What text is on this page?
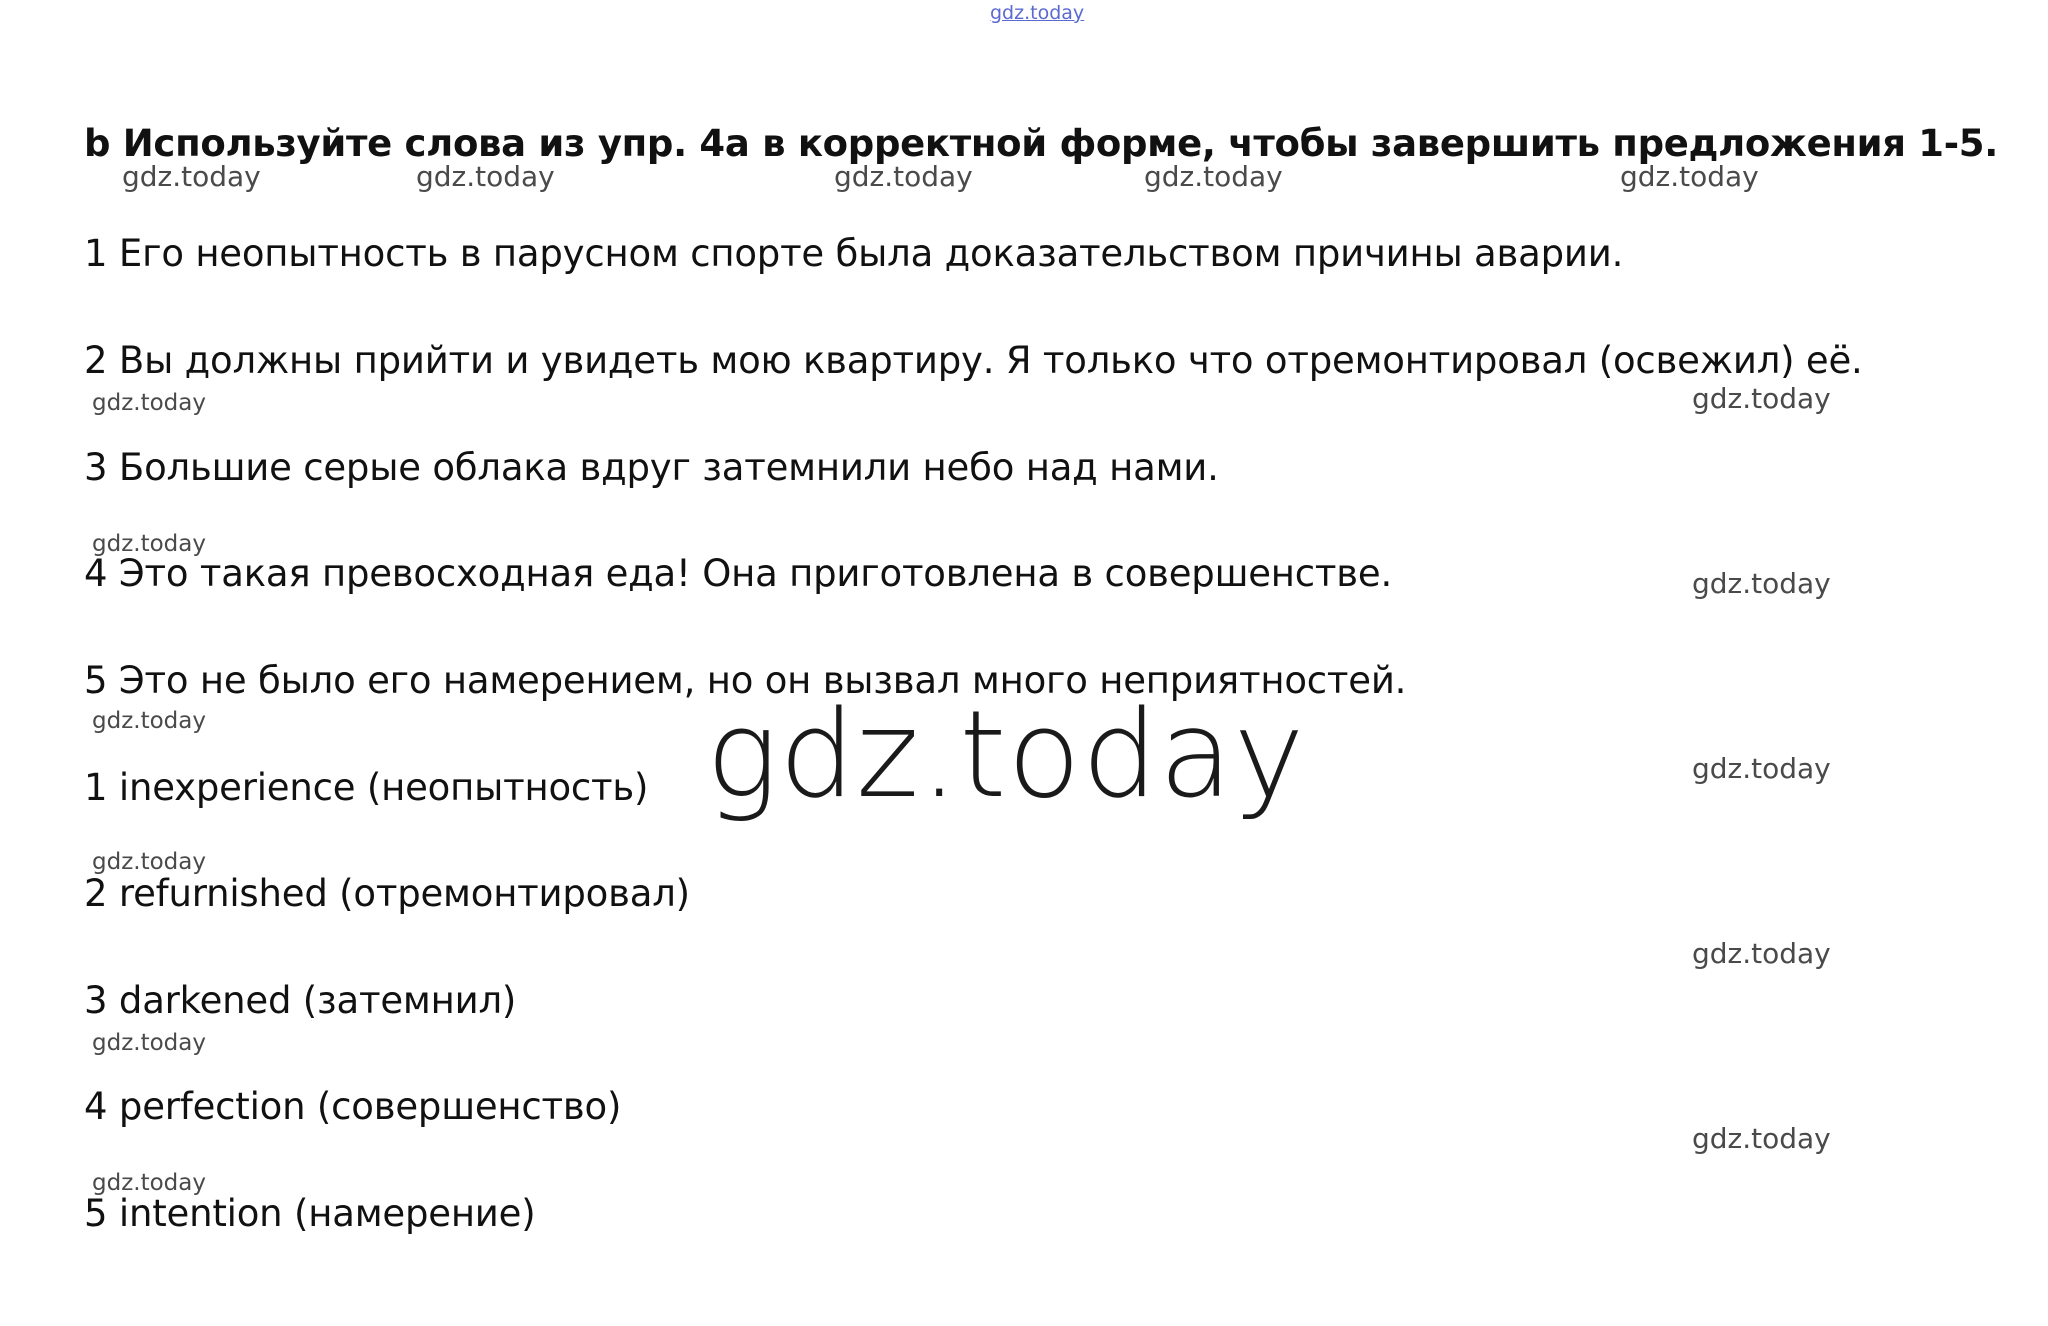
gdz.today
b Используйте слова из упр. 4a в корректной форме, чтобы завершить предложения 1-5.
1 Его неопытность в парусном спорте была доказательством причины аварии.
2 Вы должны прийти и увидеть мою квартиру. Я только что отремонтировал (освежил) её.
3 Большие серые облака вдруг затемнили небо над нами.
4 Это такая превосходная еда! Она приготовлена в совершенстве.
5 Это не было его намерением, но он вызвал много неприятностей.
1 inexperience (неопытность)
2 refurnished (отремонтировал)
3 darkened (затемнил)
4 perfection (совершенство)
5 intention (намерение)
gdz.today	gdz.today	gdz.today	gdz.today	gdz.today
gdz.today	gdz.today
gdz.today
gdz.today
gdz.today	gdz.today	gdz.today
gdz.today
gdz.today
gdz.today
gdz.today
gdz.today
